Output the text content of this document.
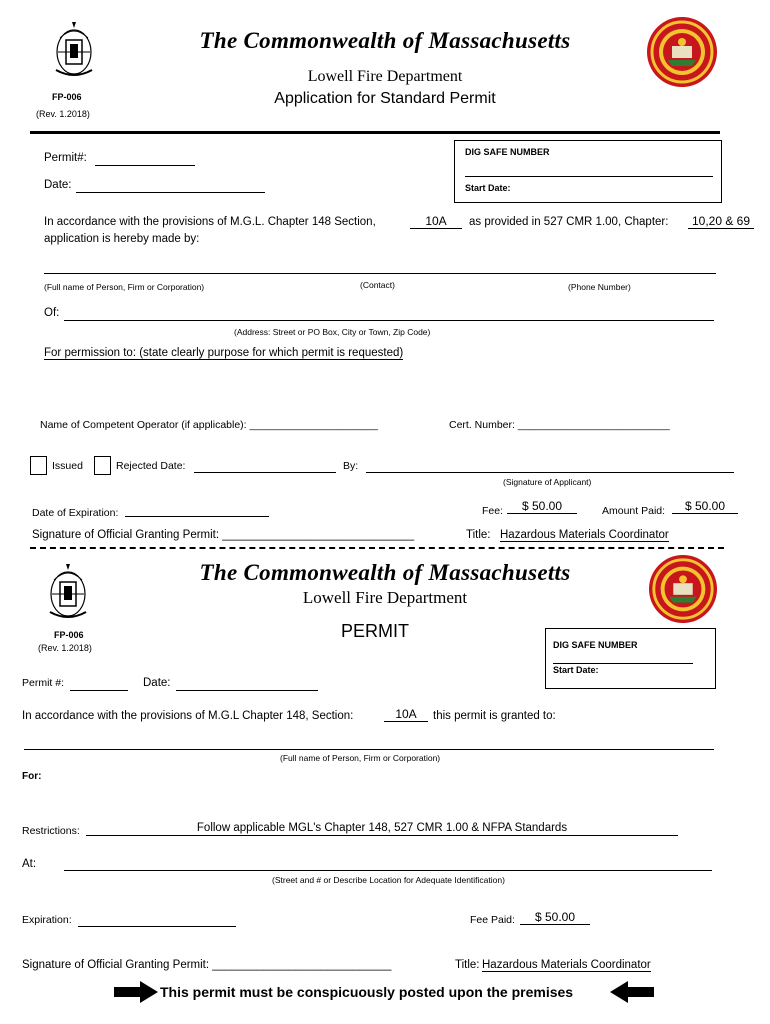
FP-006
(Rev. 1.2018)
The Commonwealth of Massachusetts
Lowell Fire Department
Application for Standard Permit
Permit#:
Date:
DIG SAFE NUMBER
Start Date:
In accordance with the provisions of M.G.L. Chapter 148 Section,	10A	as provided in 527 CMR 1.00, Chapter:	10,20 & 69
application is hereby made by:
(Full name of Person, Firm or Corporation)	(Contact)	(Phone Number)
Of:
(Address: Street or PO Box, City or Town, Zip Code)
For permission to: (state clearly purpose for which permit is requested)
Name of Competent Operator (if applicable): ______________________	Cert. Number: __________________________
Issued	Rejected Date:	By:
(Signature of Applicant)
Date of Expiration:	Fee:	$ 50.00	Amount Paid:	$ 50.00
Signature of Official Granting Permit: ______________________________	Title: Hazardous Materials Coordinator
FP-006
(Rev. 1.2018)
The Commonwealth of Massachusetts
Lowell Fire Department
PERMIT
DIG SAFE NUMBER
Start Date:
Permit #:	Date:
In accordance with the provisions of M.G.L Chapter 148, Section:	10A	this permit is granted to:
(Full name of Person, Firm or Corporation)
For:
Restrictions:	Follow applicable MGL's Chapter 148, 527 CMR 1.00 & NFPA Standards
At:
(Street and # or Describe Location for Adequate Identification)
Expiration:	Fee Paid:	$ 50.00
Signature of Official Granting Permit: ____________________________	Title: Hazardous Materials Coordinator
This permit must be conspicuously posted upon the premises
